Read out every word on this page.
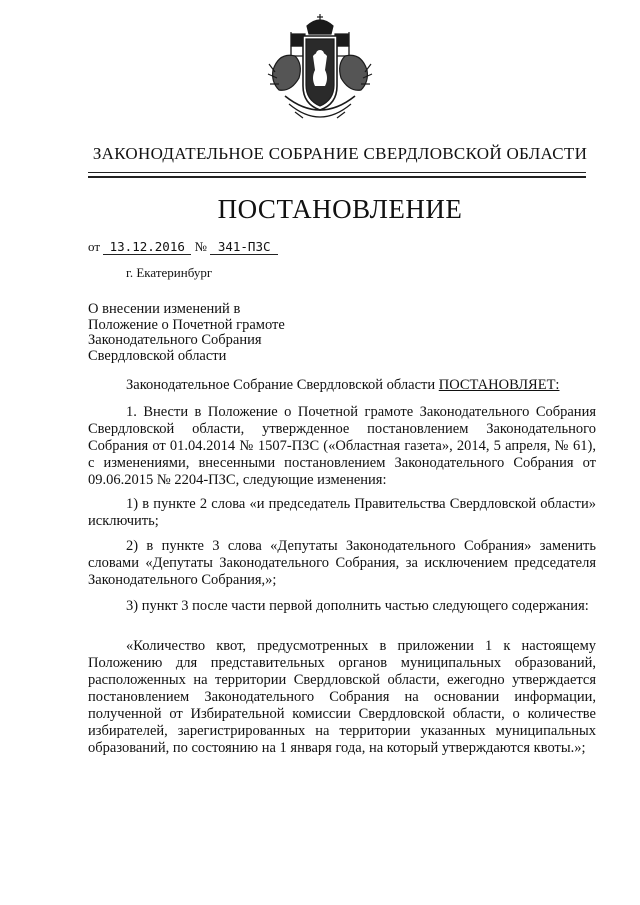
ЗАКОНОДАТЕЛЬНОЕ СОБРАНИЕ СВЕРДЛОВСКОЙ ОБЛАСТИ
ПОСТАНОВЛЕНИЕ
от 13.12.2016 № 341-ПЗС
г. Екатеринбург
О внесении изменений в
Положение о Почетной грамоте
Законодательного Собрания
Свердловской области

Законодательное Собрание Свердловской области ПОСТАНОВЛЯЕТ:

1. Внести в Положение о Почетной грамоте Законодательного Собрания Свердловской области, утвержденное постановлением Законодательного Собрания от 01.04.2014 № 1507-ПЗС («Областная газета», 2014, 5 апреля, № 61), с изменениями, внесенными постановлением Законодательного Собрания от 09.06.2015 № 2204-ПЗС, следующие изменения:

1) в пункте 2 слова «и председатель Правительства Свердловской области» исключить;

2) в пункте 3 слова «Депутаты Законодательного Собрания» заменить словами «Депутаты Законодательного Собрания, за исключением председателя Законодательного Собрания,»;

3) пункт 3 после части первой дополнить частью следующего содержания:

«Количество квот, предусмотренных в приложении 1 к настоящему Положению для представительных органов муниципальных образований, расположенных на территории Свердловской области, ежегодно утверждается постановлением Законодательного Собрания на основании информации, полученной от Избирательной комиссии Свердловской области, о количестве избирателей, зарегистрированных на территории указанных муниципальных образований, по состоянию на 1 января года, на который утверждаются квоты.»;
